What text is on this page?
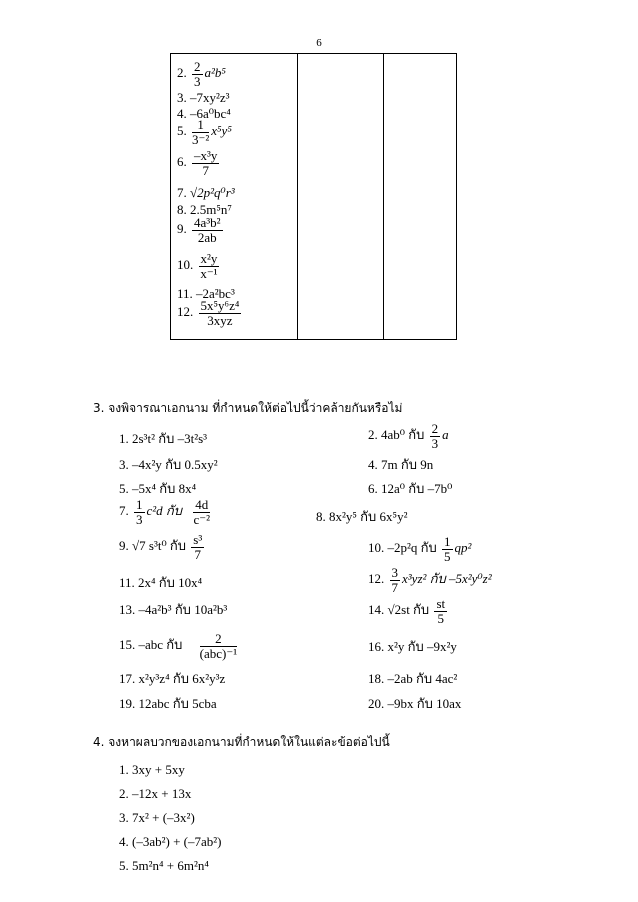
6

2. $\frac{2}{3} a^2b^5$
3. –7xy²z³
4. –6a⁰bc⁴
5. $\frac{1}{\text{3⁻²}} x^5y^5$
6. $\frac{\text{–x³y}}{7}$
7. √2p²q⁰r³
8. 2.5m⁵n⁷
9. $\frac{\text{4a³b²}}{2ab}$
10. $\frac{\text{x²y}}{\text{x⁻¹}}$
11. –2a²bc³
12. $\frac{\text{5x⁵y⁶z⁴}}{\text{3xyz}}$
3. จงพิจารณาเอกนาม ที่กำหนดให้ต่อไปนี้ว่าคล้ายกันหรือไม่
1. 2s³t² กับ –3t²s³	2. 4ab⁰ กับ $\frac{2}{3}$ a
3. –4x²y กับ 0.5xy²	4. 7m กับ 9n
5. –5x⁴ กับ 8x⁴	6. 12a⁰ กับ –7b⁰
7. $\frac{1}{3} c^2d$ กับ $\frac{4d}{\text{c⁻²}}$	8. 8x²y⁵ กับ 6x⁵y²
9. √7 s³t⁰ กับ $\frac{\text{s³}}{7}$	10. –2p²q กับ $\frac{1}{5} qp^2$
11. 2x⁴ กับ 10x⁴	12. $\frac{3}{7} x^3yz^2$ กับ –5x²y⁰z²
13. –4a²b³ กับ 10a²b³	14. √2st กับ $\frac{st}{5}$
15. –abc กับ $\frac{2}{\text{(abc)⁻¹}}$	16. x²y กับ –9x²y
17. x²y³z⁴ กับ 6x²y³z	18. –2ab กับ 4ac²
19. 12abc กับ 5cba	20. –9bx กับ 10ax
4. จงหาผลบวกของเอกนามที่กำหนดให้ในแต่ละข้อต่อไปนี้
1. 3xy + 5xy
2. –12x + 13x
3. 7x² + (–3x²)
4. (–3ab²) + (–7ab²)
5. 5m²n⁴ + 6m²n⁴
